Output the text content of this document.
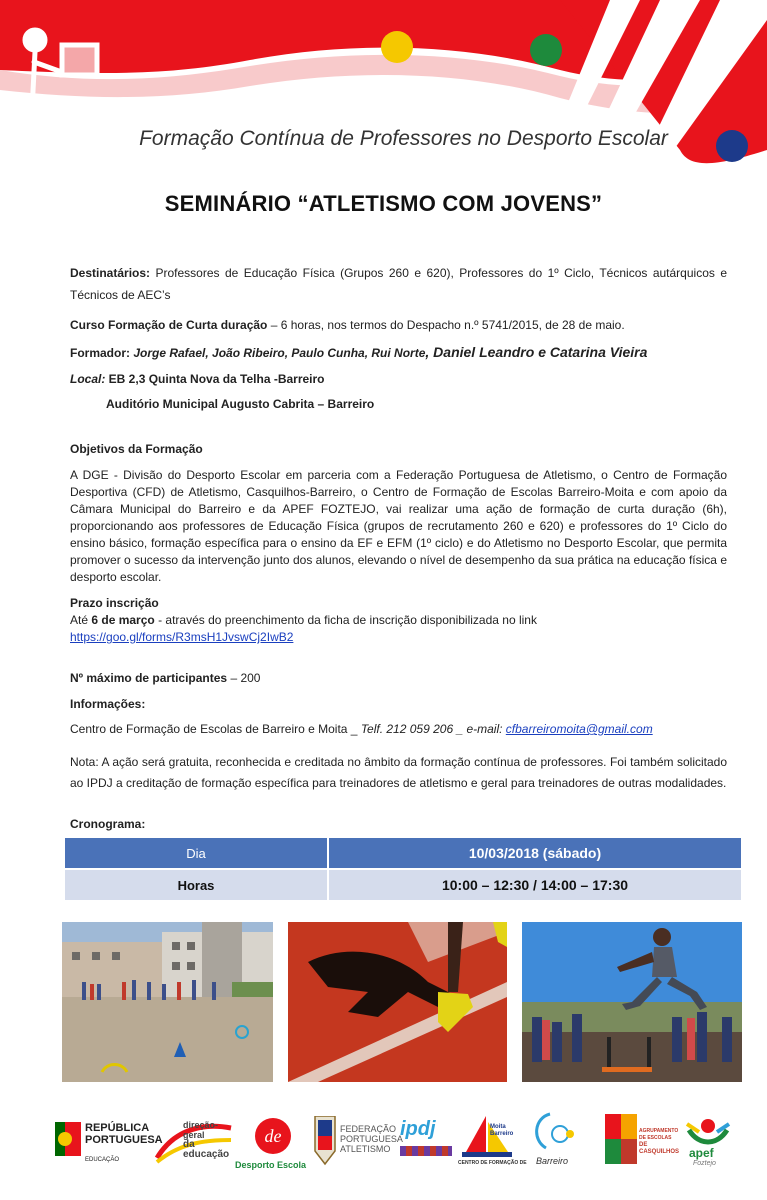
Formação Contínua de Professores no Desporto Escolar
SEMINÁRIO “ATLETISMO COM JOVENS”
Destinatários: Professores de Educação Física (Grupos 260 e 620), Professores do 1º Ciclo, Técnicos autárquicos e Técnicos de AEC’s
Curso Formação de Curta duração – 6 horas, nos termos do Despacho n.º 5741/2015, de 28 de maio.
Formador: Jorge Rafael, João Ribeiro, Paulo Cunha, Rui Norte, Daniel Leandro e Catarina Vieira
Local: EB 2,3 Quinta Nova da Telha -Barreiro
Auditório Municipal Augusto Cabrita – Barreiro
Objetivos da Formação
A DGE - Divisão do Desporto Escolar em parceria com a Federação Portuguesa de Atletismo, o Centro de Formação Desportiva (CFD) de Atletismo, Casquilhos-Barreiro, o Centro de Formação de Escolas Barreiro-Moita e com apoio da Câmara Municipal do Barreiro e da APEF FOZTEJO, vai realizar uma ação de formação de curta duração (6h), proporcionando aos professores de Educação Física (grupos de recrutamento 260 e 620) e professores do 1º Ciclo do ensino básico, formação específica para o ensino da EF e EFM (1º ciclo) e do Atletismo no Desporto Escolar, que permita promover o sucesso da intervenção junto dos alunos, elevando o nível de desempenho da sua prática na educação física e desporto escolar.
Prazo inscrição
Até 6 de março - através do preenchimento da ficha de inscrição disponibilizada no link
https://goo.gl/forms/R3msH1JvswCj2IwB2
Nº máximo de participantes – 200
Informações:
Centro de Formação de Escolas de Barreiro e Moita _ Telf. 212 059 206 _ e-mail: cfbarreiromoita@gmail.com
Nota: A ação será gratuita, reconhecida e creditada no âmbito da formação contínua de professores. Foi também solicitado ao IPDJ a creditação de formação específica para treinadores de atletismo e geral para treinadores de outras modalidades.
Cronograma:
Dia	10/03/2018 (sábado)
Horas	10:00 – 12:30 / 14:00 – 17:30
REPÚBLICA
PORTUGUESA
EDUCAÇÃO
direção-geral
da educação
de
Desporto Escola
FEDERAÇÃO
PORTUGUESA
ATLETISMO
ipdj	Moita
Barreiro
CENTRO DE FORMAÇÃO DE Barreiro
AGRUPAMENTO DE ESCOLAS
DE CASQUILHOS apef
Foztejo
